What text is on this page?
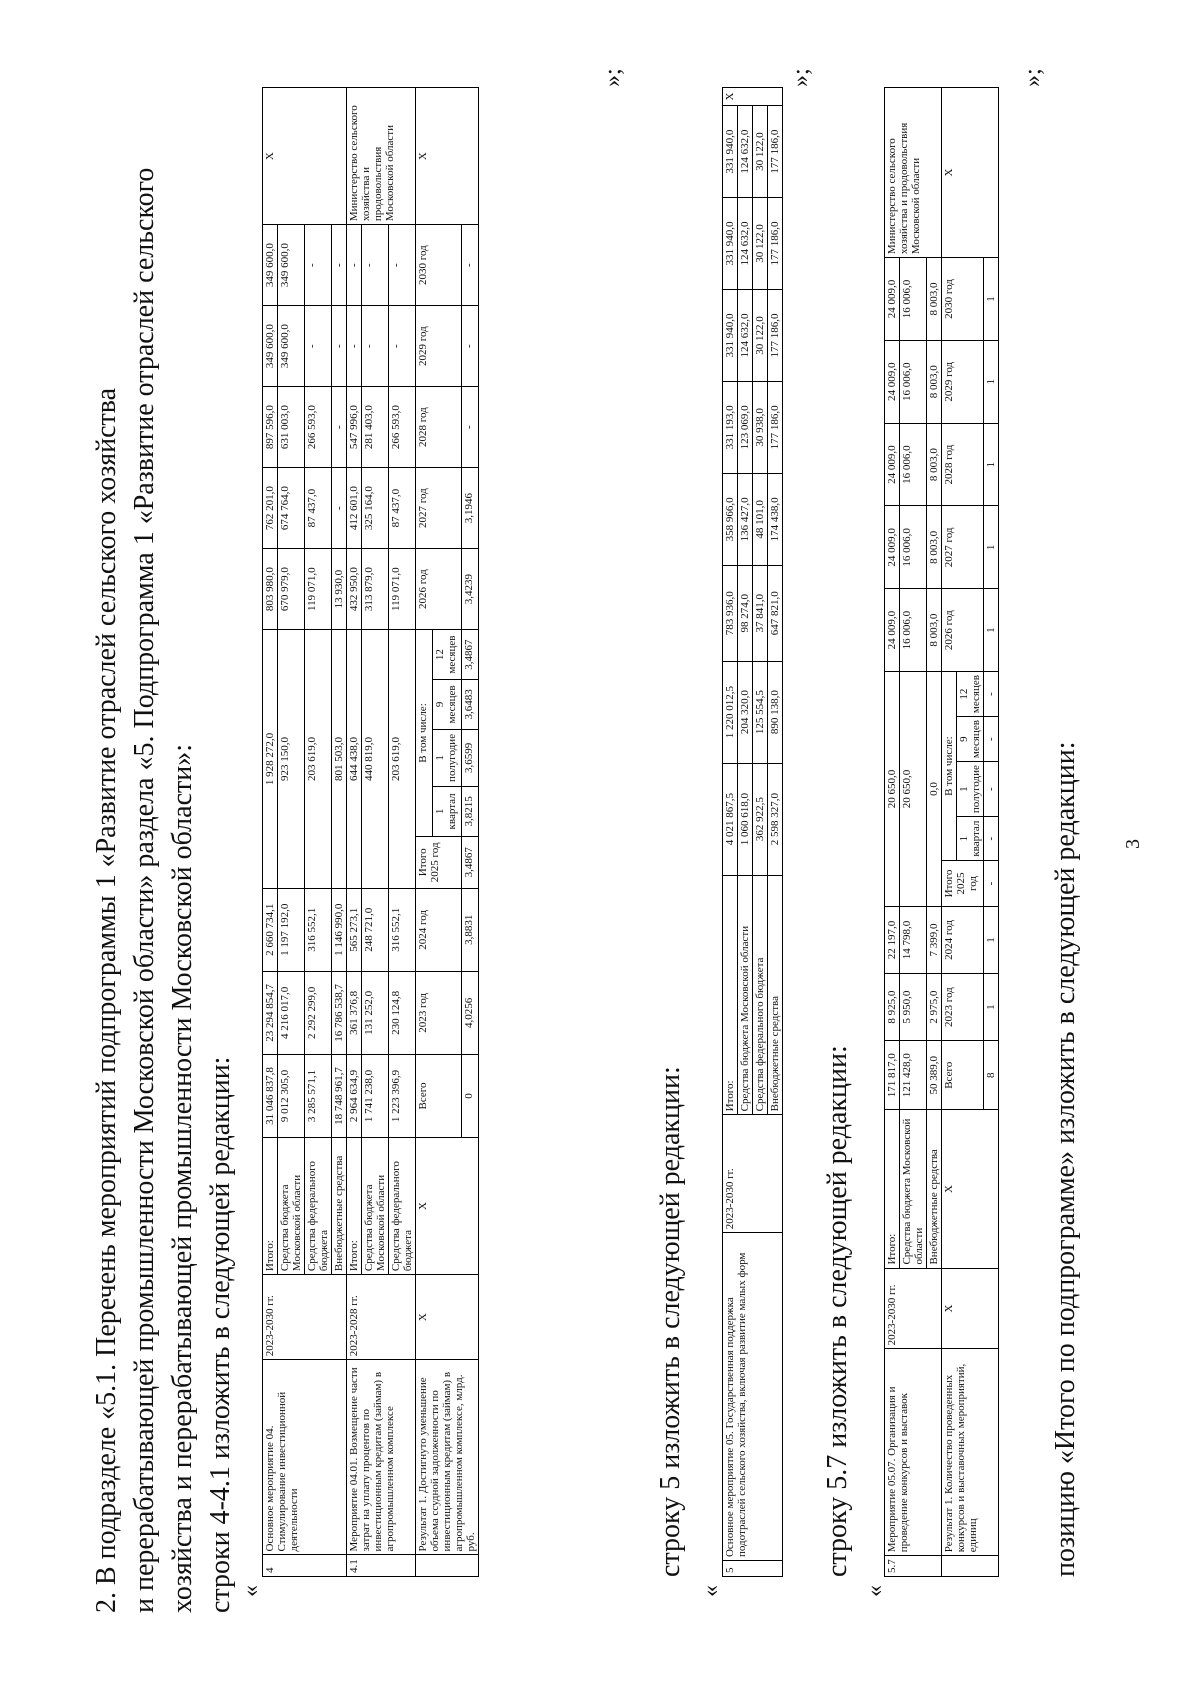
3
2. В подразделе «5.1. Перечень мероприятий подпрограммы 1 «Развитие отраслей сельского хозяйства и перерабатывающей промышленности Московской области» раздела «5. Подпрограмма 1 «Развитие отраслей сельского хозяйства и перерабатывающей промышленности Московской области»: строки 4-4.1 изложить в следующей редакции: «
4	Основное мероприятие 04. Стимулирование инвестиционной деятельности	2023-2030 гг.	Итого:	31 046 837,8	23 294 854,7	2 660 734,1	1 928 272,0					803 980,0	762 201,0	897 596,0	349 600,0	349 600,0	X
			Средства бюджета Московской области	9 012 305,0	4 216 017,0	1 197 192,0	923 150,0					670 979,0	674 764,0	631 003,0	349 600,0	349 600,0	
			Средства федерального бюджета	3 285 571,1	2 292 299,0	316 552,1	203 619,0					119 071,0	87 437,0	266 593,0	-	-	
			Внебюджетные средства	18 748 961,7	16 786 538,7	1 146 990,0	801 503,0					13 930,0	-	-	-	-	
4.1	Мероприятие 04.01. Возмещение части затрат на уплату процентов по инвестиционным кредитам (займам) в агропромышленном комплексе	2023-2028 гг.	Итого:	2 964 634,9	361 376,8	565 273,1	644 438,0					432 950,0	412 601,0	547 996,0	-	-	Министерство сельского хозяйства и продовольствия Московской области
			Средства бюджета Московской области	1 741 238,0	131 252,0	248 721,0	440 819,0					313 879,0	325 164,0	281 403,0	-	-	
			Средства федерального бюджета	1 223 396,9	230 124,8	316 552,1	203 619,0					119 071,0	87 437,0	266 593,0	-	-	
	Результат 1. Достигнуто уменьшение объема ссудной задолженности по инвестиционным кредитам (займам) в агропромышленном комплексе, млрд. руб.	X	X	Всего	2023 год	2024 год	Итого 2025 год	В том числе:				2026 год	2027 год	2028 год	2029 год	2030 год	X
								1 квартал	1 полугодие	9 месяцев	12 месяцев						
				0	4,0256	3,8831	3,4867	3,8215	3,6599	3,6483	3,4867	3,4239	3,1946	-	-	-	
»;
строку 5 изложить в следующей редакции:
«
5	Основное мероприятие 05. Государственная поддержка подотраслей сельского хозяйства, включая развитие малых форм	2023-2030 гг.	Итого:	4 021 867,5	1 220 012,5	783 936,0	358 966,0	331 193,0	331 940,0	331 940,0	331 940,0	X
			Средства бюджета Московской области	1 060 618,0	204 320,0	98 274,0	136 427,0	123 069,0	124 632,0	124 632,0	124 632,0	
			Средства федерального бюджета	362 922,5	125 554,5	37 841,0	48 101,0	30 938,0	30 122,0	30 122,0	30 122,0	
			Внебюджетные средства	2 598 327,0	890 138,0	647 821,0	174 438,0	177 186,0	177 186,0	177 186,0	177 186,0	
»;
строку 5.7 изложить в следующей редакции:
«
5.7	Мероприятие 05.07. Организация и проведение конкурсов и выставок	2023-2030 гг.	Итого:	171 817,0	8 925,0	22 197,0	20 650,0					24 009,0	24 009,0	24 009,0	24 009,0	24 009,0	Министерство сельского хозяйства и продовольствия Московской области
			Средства бюджета Московской области	121 428,0	5 950,0	14 798,0	20 650,0					16 006,0	16 006,0	16 006,0	16 006,0	16 006,0	
			Внебюджетные средства	50 389,0	2 975,0	7 399,0	0,0					8 003,0	8 003,0	8 003,0	8 003,0	8 003,0	
	Результат 1. Количество проведенных конкурсов и выставочных мероприятий, единиц	X	X	Всего	2023 год	2024 год	Итого 2025 год	В том числе:				2026 год	2027 год	2028 год	2029 год	2030 год	X
								1 квартал	1 полугодие	9 месяцев	12 месяцев						
				8	1	1	-	-	-	-	-	1	1	1	1	1	
»;
позицию «Итого по подпрограмме» изложить в следующей редакции:
